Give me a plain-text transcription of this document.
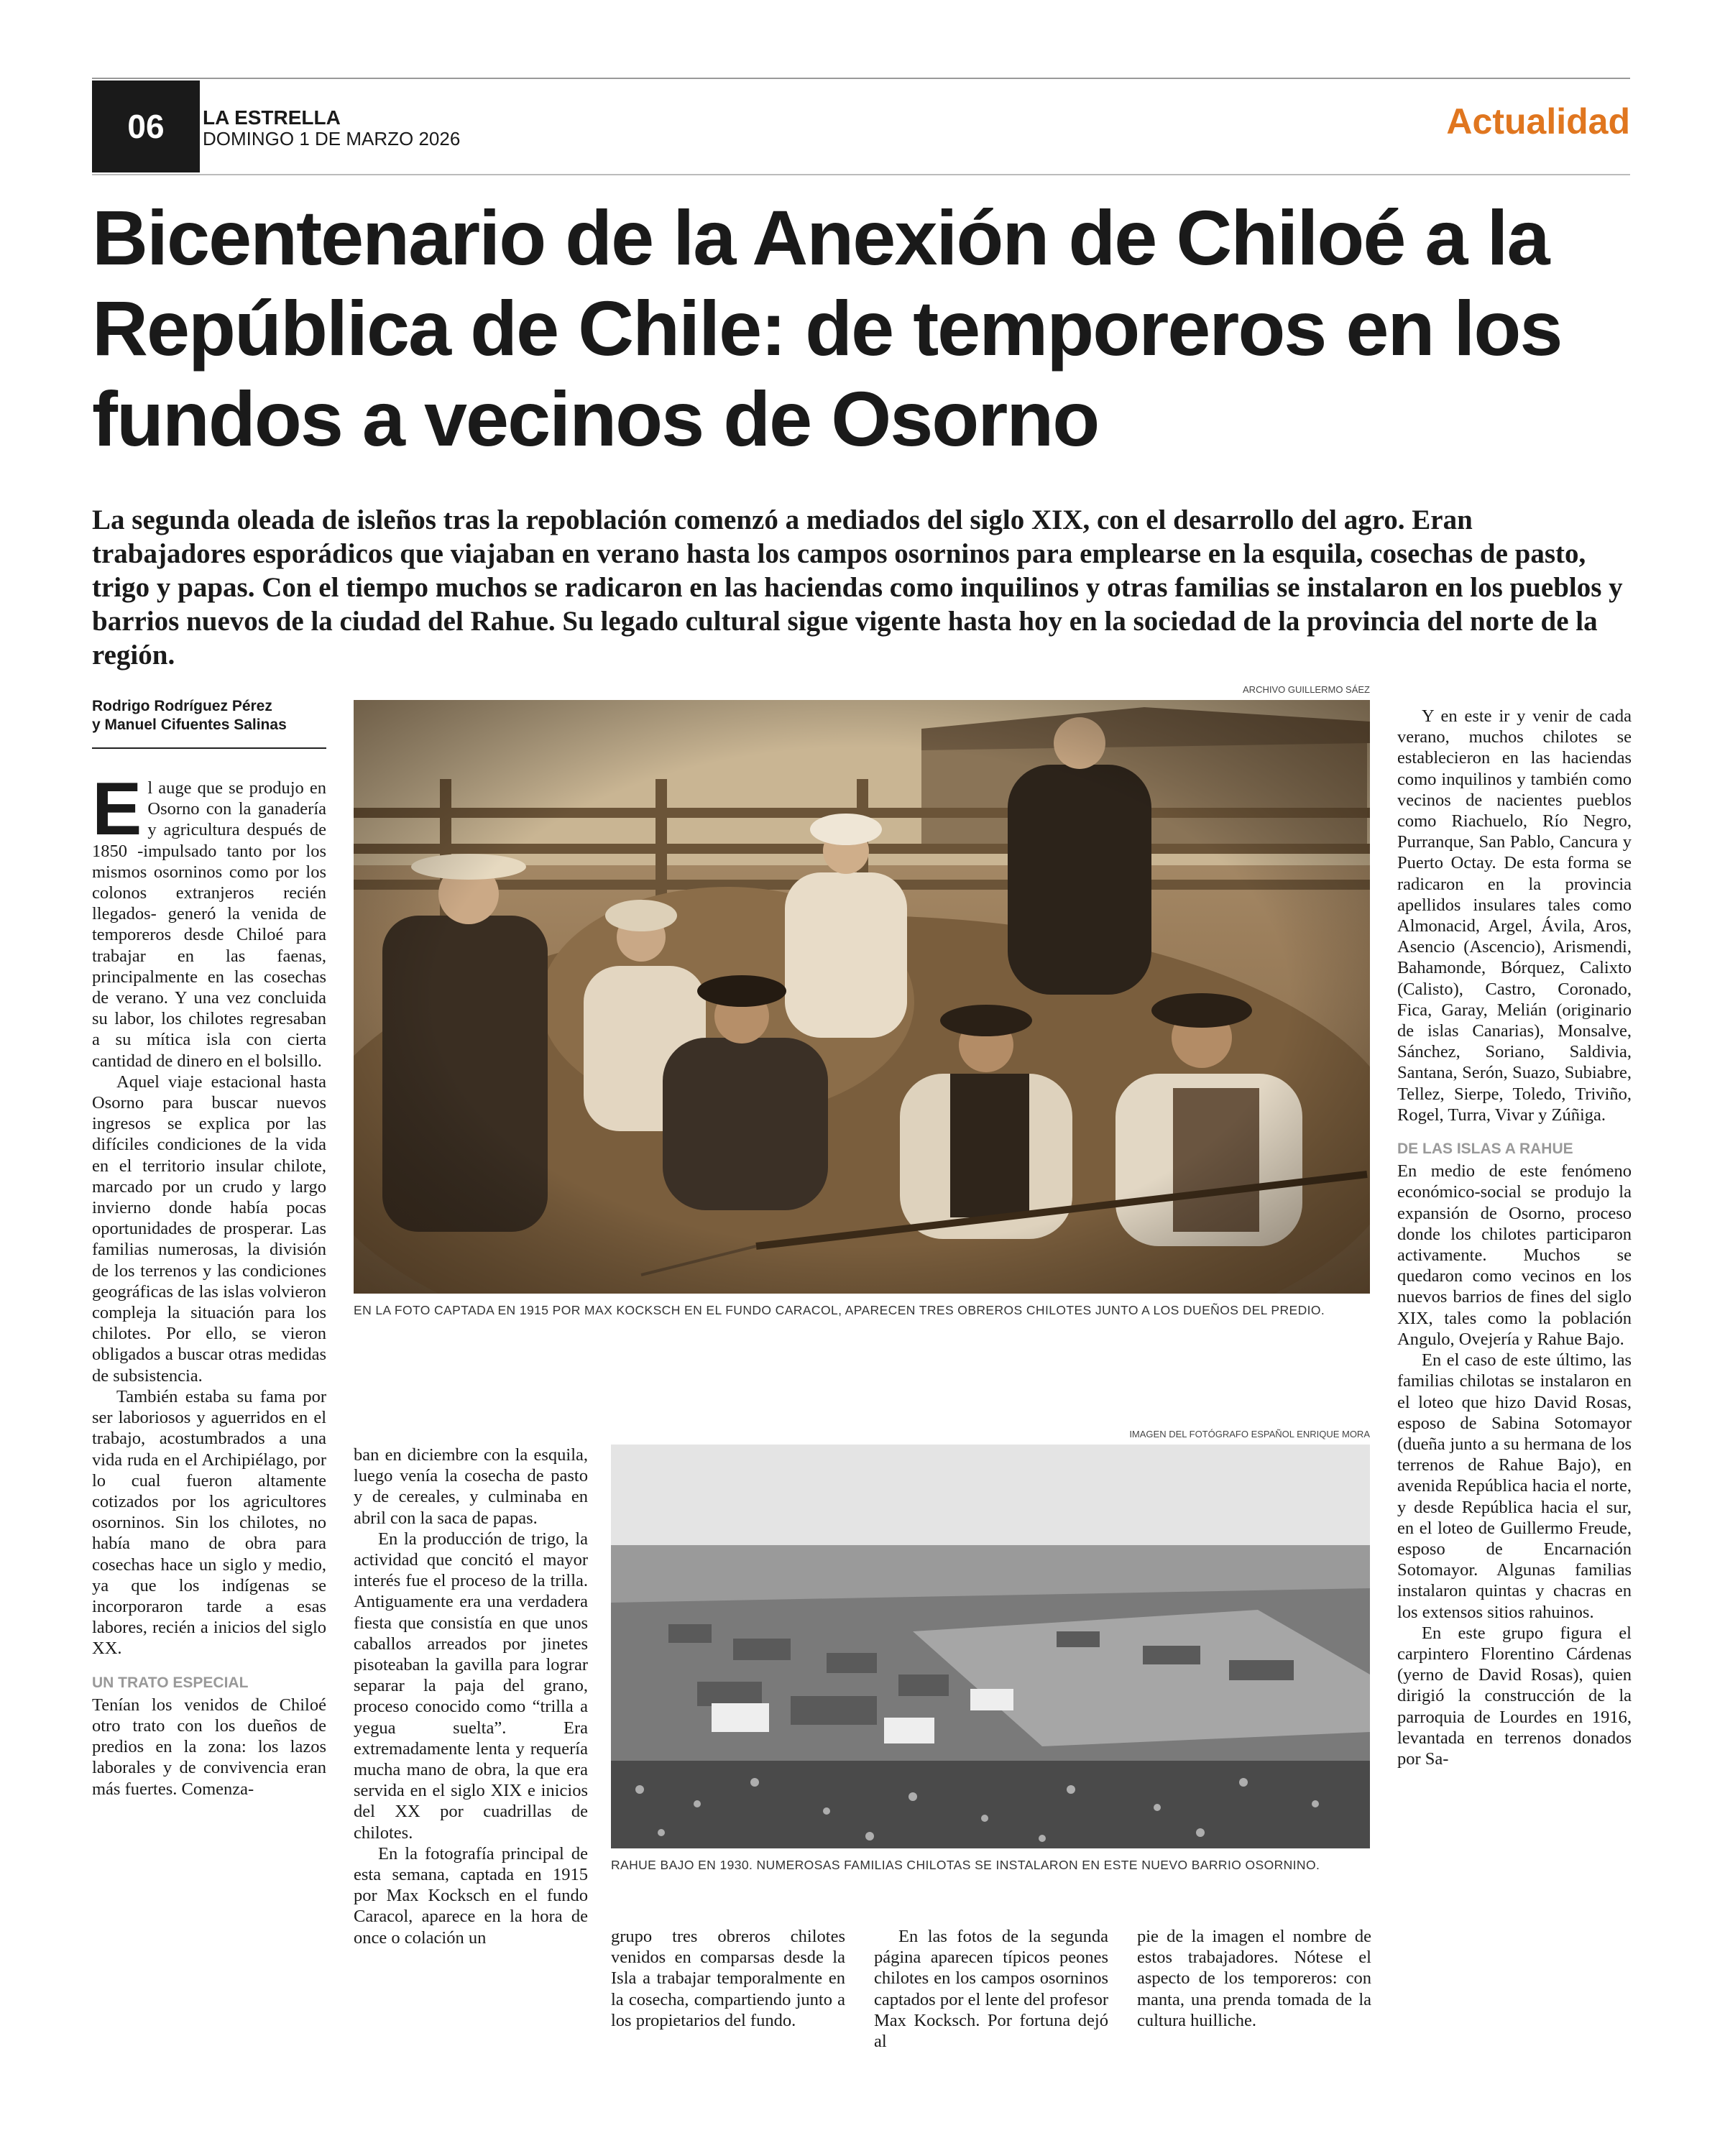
06	LA ESTRELLA
DOMINGO 1 DE MARZO 2026	Actualidad
Bicentenario de la Anexión de Chiloé a la República de Chile: de temporeros en los fundos a vecinos de Osorno

La segunda oleada de isleños tras la repoblación comenzó a mediados del siglo XIX, con el desarrollo del agro. Eran trabajadores esporádicos que viajaban en verano hasta los campos osorninos para emplearse en la esquila, cosechas de pasto, trigo y papas. Con el tiempo muchos se radicaron en las haciendas como inquilinos y otras familias se instalaron en los pueblos y barrios nuevos de la ciudad del Rahue. Su legado cultural sigue vigente hasta hoy en la sociedad de la provincia del norte de la región.

Rodrigo Rodríguez Pérez
y Manuel Cifuentes Salinas

El auge que se produjo en Osorno con la ganadería y agricultura después de 1850 -impulsado tanto por los mismos osorninos como por los colonos extranjeros recién llegados- generó la venida de temporeros desde Chiloé para trabajar en las faenas, principalmente en las cosechas de verano. Y una vez concluida su labor, los chilotes regresaban a su mítica isla con cierta cantidad de dinero en el bolsillo.

Aquel viaje estacional hasta Osorno para buscar nuevos ingresos se explica por las difíciles condiciones de la vida en el territorio insular chilote, marcado por un crudo y largo invierno donde había pocas oportunidades de prosperar. Las familias numerosas, la división de los terrenos y las condiciones geográficas de las islas volvieron compleja la situación para los chilotes. Por ello, se vieron obligados a buscar otras medidas de subsistencia.

También estaba su fama por ser laboriosos y aguerridos en el trabajo, acostumbrados a una vida ruda en el Archipiélago, por lo cual fueron altamente cotizados por los agricultores osorninos. Sin los chilotes, no había mano de obra para cosechas hace un siglo y medio, ya que los indígenas se incorporaron tarde a esas labores, recién a inicios del siglo XX.

UN TRATO ESPECIAL

Tenían los venidos de Chiloé otro trato con los dueños de predios en la zona: los lazos laborales y de convivencia eran más fuertes. Comenza-

ARCHIVO GUILLERMO SÁEZ
EN LA FOTO CAPTADA EN 1915 POR MAX KOCKSCH EN EL FUNDO CARACOL, APARECEN TRES OBREROS CHILOTES JUNTO A LOS DUEÑOS DEL PREDIO.
IMAGEN DEL FOTÓGRAFO ESPAÑOL ENRIQUE MORA
RAHUE BAJO EN 1930. NUMEROSAS FAMILIAS CHILOTAS SE INSTALARON EN ESTE NUEVO BARRIO OSORNINO.

ban en diciembre con la esquila, luego venía la cosecha de pasto y de cereales, y culminaba en abril con la saca de papas.

En la producción de trigo, la actividad que concitó el mayor interés fue el proceso de la trilla. Antiguamente era una verdadera fiesta que consistía en que unos caballos arreados por jinetes pisoteaban la gavilla para lograr separar la paja del grano, proceso conocido como “trilla a yegua suelta”. Era extremadamente lenta y requería mucha mano de obra, la que era servida en el siglo XIX e inicios del XX por cuadrillas de chilotes.

En la fotografía principal de esta semana, captada en 1915 por Max Kocksch en el fundo Caracol, aparece en la hora de once o colación un	grupo tres obreros chilotes venidos en comparsas desde la Isla a trabajar temporalmente en la cosecha, compartiendo junto a los propietarios del fundo.

En las fotos de la segunda página aparecen típicos peones chilotes en los campos osorninos captados por el lente del profesor Max Kocksch. Por fortuna dejó al

pie de la imagen el nombre de estos trabajadores. Nótese el aspecto de los temporeros: con manta, una prenda tomada de la cultura huilliche.

Y en este ir y venir de cada verano, muchos chilotes se establecieron en las haciendas como inquilinos y también como vecinos de nacientes pueblos como Riachuelo, Río Negro, Purranque, San Pablo, Cancura y Puerto Octay. De esta forma se radicaron en la provincia apellidos insulares tales como Almonacid, Argel, Ávila, Aros, Asencio (Ascencio), Arismendi, Bahamonde, Bórquez, Calixto (Calisto), Castro, Coronado, Fica, Garay, Melián (originario de islas Canarias), Monsalve, Sánchez, Soriano, Saldivia, Santana, Serón, Suazo, Subiabre, Tellez, Sierpe, Toledo, Triviño, Rogel, Turra, Vivar y Zúñiga.

DE LAS ISLAS A RAHUE

En medio de este fenómeno económico-social se produjo la expansión de Osorno, proceso donde los chilotes participaron activamente. Muchos se quedaron como vecinos en los nuevos barrios de fines del siglo XIX, tales como la población Angulo, Ovejería y Rahue Bajo.

En el caso de este último, las familias chilotas se instalaron en el loteo que hizo David Rosas, esposo de Sabina Sotomayor (dueña junto a su hermana de los terrenos de Rahue Bajo), en avenida República hacia el norte, y desde República hacia el sur, en el loteo de Guillermo Freude, esposo de Encarnación Sotomayor. Algunas familias instalaron quintas y chacras en los extensos sitios rahuinos.

En este grupo figura el carpintero Florentino Cárdenas (yerno de David Rosas), quien dirigió la construcción de la parroquia de Lourdes en 1916, levantada en terrenos donados por Sa-
